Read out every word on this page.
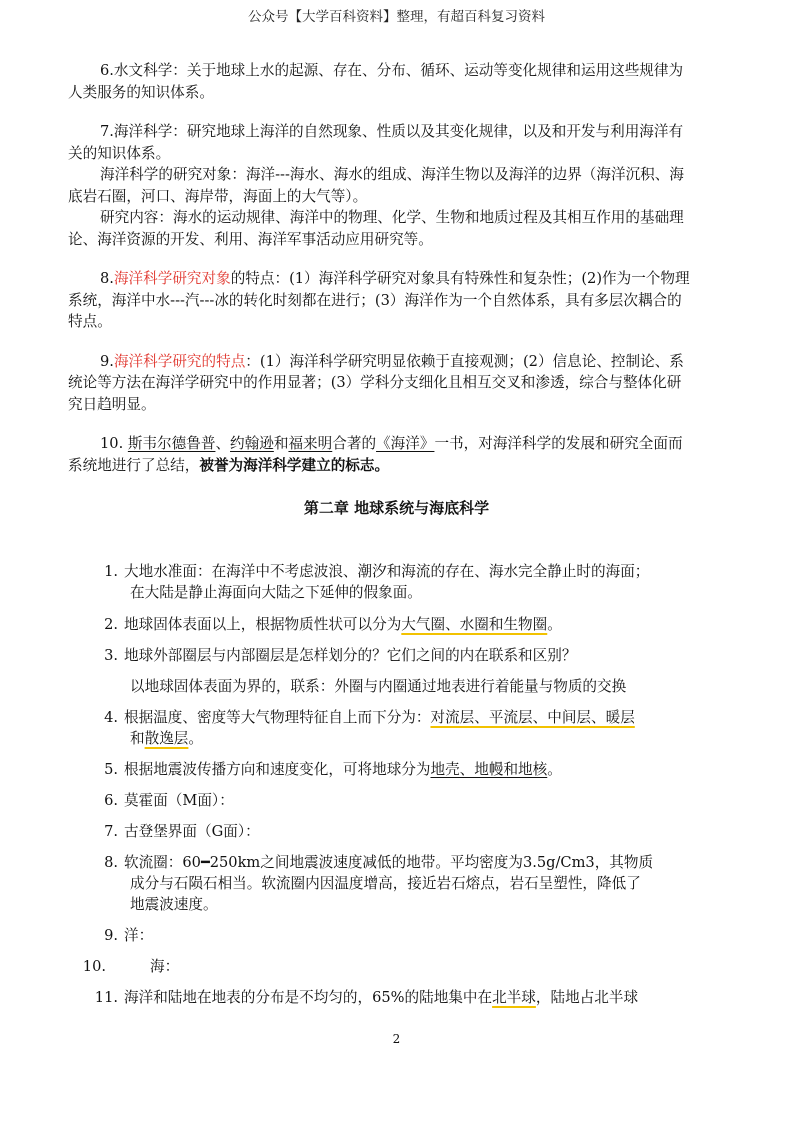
公众号【大学百科资料】整理，有超百科复习资料

6.水文科学：关于地球上水的起源、存在、分布、循环、运动等变化规律和运用这些规律为人类服务的知识体系。

7.海洋科学：研究地球上海洋的自然现象、性质以及其变化规律，以及和开发与利用海洋有关的知识体系。

海洋科学的研究对象：海洋---海水、海水的组成、海洋生物以及海洋的边界（海洋沉积、海底岩石圈，河口、海岸带，海面上的大气等）。

研究内容：海水的运动规律、海洋中的物理、化学、生物和地质过程及其相互作用的基础理论、海洋资源的开发、利用、海洋军事活动应用研究等。

8.海洋科学研究对象的特点：(1）海洋科学研究对象具有特殊性和复杂性；(2)作为一个物理系统，海洋中水---汽---冰的转化时刻都在进行；(3）海洋作为一个自然体系，具有多层次耦合的特点。

9.海洋科学研究的特点：(1）海洋科学研究明显依赖于直接观测；(2）信息论、控制论、系统论等方法在海洋学研究中的作用显著；(3）学科分支细化且相互交叉和渗透，综合与整体化研究日趋明显。

10. 斯韦尔德鲁普、约翰逊和福来明合著的《海洋》一书，对海洋科学的发展和研究全面而系统地进行了总结，被誉为海洋科学建立的标志。

第二章 地球系统与海底科学
1. 大地水准面：在海洋中不考虑波浪、潮汐和海流的存在、海水完全静止时的海面；
在大陆是静止海面向大陆之下延伸的假象面。
2. 地球固体表面以上，根据物质性状可以分为大气圈、水圈和生物圈。
3. 地球外部圈层与内部圈层是怎样划分的？它们之间的内在联系和区别？
以地球固体表面为界的，联系：外圈与内圈通过地表进行着能量与物质的交换
4. 根据温度、密度等大气物理特征自上而下分为：对流层、平流层、中间层、暖层
和散逸层。
5. 根据地震波传播方向和速度变化，可将地球分为地壳、地幔和地核。
6. 莫霍面（M面）：
7. 古登堡界面（G面）：
8. 软流圈：60━250km之间地震波速度减低的地带。平均密度为3.5g/Cm3，其物质
成分与石陨石相当。软流圈内因温度增高，接近岩石熔点，岩石呈塑性，降低了
地震波速度。
9. 洋：
10.	海：
11. 海洋和陆地在地表的分布是不均匀的，65%的陆地集中在北半球，陆地占北半球
2
